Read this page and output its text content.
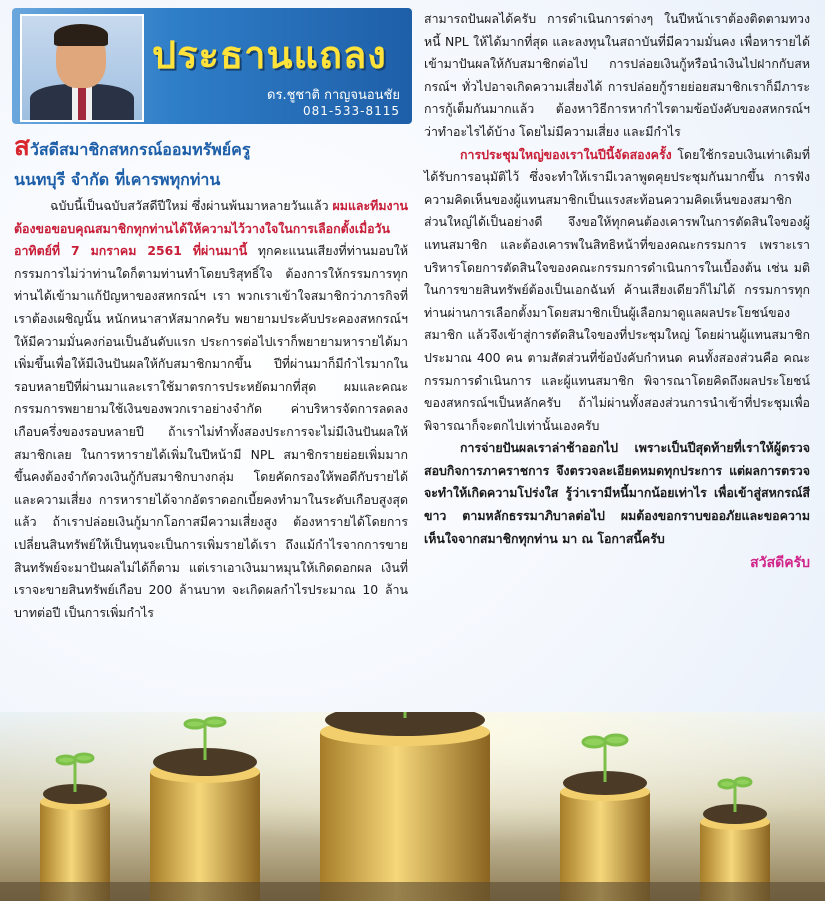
ประธานแถลง
ดร.ชูชาติ กาญจนอนชัย
081-533-8115
สวัสดีสมาชิกสหกรณ์ออมทรัพย์ครู
นนทบุรี จำกัด ที่เคารพทุกท่าน

ฉบับนี้เป็นฉบับสวัสดีปีใหม่ ซึ่งผ่านพ้นมาหลายวันแล้ว ผมและทีมงานต้องขอขอบคุณสมาชิกทุกท่านได้ให้ความไว้วางใจในการเลือกตั้งเมื่อวันอาทิตย์ที่ 7 มกราคม 2561 ที่ผ่านมานี้ ทุกคะแนนเสียงที่ท่านมอบให้กรรมการไม่ว่าท่านใดก็ตามท่านทำโดยบริสุทธิ์ใจ ต้องการให้กรรมการทุกท่านได้เข้ามาแก้ปัญหาของสหกรณ์ฯ เรา พวกเราเข้าใจสมาชิกว่าภารกิจที่เราต้องเผชิญนั้น หนักหนาสาหัสมากครับ พยายามประคับประคองสหกรณ์ฯให้มีความมั่นคงก่อนเป็นอันดับแรก ประการต่อไปเราก็พยายามหารายได้มาเพิ่มขึ้นเพื่อให้มีเงินปันผลให้กับสมาชิกมากขึ้น ปีที่ผ่านมาก็มีกำไรมากในรอบหลายปีที่ผ่านมาและเราใช้มาตรการประหยัดมากที่สุด ผมและคณะกรรมการพยายามใช้เงินของพวกเราอย่างจำกัด ค่าบริหารจัดการลดลงเกือบครึ่งของรอบหลายปี ถ้าเราไม่ทำทั้งสองประการจะไม่มีเงินปันผลให้สมาชิกเลย ในการหารายได้เพิ่มในปีหน้ามี NPL สมาชิกรายย่อยเพิ่มมากขึ้นคงต้องจำกัดวงเงินกู้กับสมาชิกบางกลุ่ม โดยคัดกรองให้พอดีกับรายได้และความเสี่ยง การหารายได้จากอัตราดอกเบี้ยคงทำมาในระดับเกือบสูงสุดแล้ว ถ้าเราปล่อยเงินกู้มากโอกาสมีความเสี่ยงสูง ต้องหารายได้โดยการเปลี่ยนสินทรัพย์ให้เป็นทุนจะเป็นการเพิ่มรายได้เรา ถึงแม้กำไรจากการขายสินทรัพย์จะมาปันผลไม่ได้ก็ตาม แต่เราเอาเงินมาหมุนให้เกิดดอกผล เงินที่เราจะขายสินทรัพย์เกือบ 200 ล้านบาท จะเกิดผลกำไรประมาณ 10 ล้านบาทต่อปี เป็นการเพิ่มกำไร

สามารถปันผลได้ครับ การดำเนินการต่างๆ ในปีหน้าเราต้องติดตามทวงหนี้ NPL ให้ได้มากที่สุด และลงทุนในสถาบันที่มีความมั่นคง เพื่อหารายได้เข้ามาปันผลให้กับสมาชิกต่อไป การปล่อยเงินกู้หรือนำเงินไปฝากกับสหกรณ์ฯ ทั่วไปอาจเกิดความเสี่ยงได้ การปล่อยกู้รายย่อยสมาชิกเราก็มีภาระการกู้เต็มกันมากแล้ว ต้องหาวิธีการหากำไรตามข้อบังคับของสหกรณ์ฯ ว่าทำอะไรได้บ้าง โดยไม่มีความเสี่ยง และมีกำไร

การประชุมใหญ่ของเราในปีนี้จัดสองครั้ง โดยใช้กรอบเงินเท่าเดิมที่ได้รับการอนุมัติไว้ ซึ่งจะทำให้เรามีเวลาพูดคุยประชุมกันมากขึ้น การฟังความคิดเห็นของผู้แทนสมาชิกเป็นแรงสะท้อนความคิดเห็นของสมาชิกส่วนใหญ่ได้เป็นอย่างดี จึงขอให้ทุกคนต้องเคารพในการตัดสินใจของผู้แทนสมาชิก และต้องเคารพในสิทธิหน้าที่ของคณะกรรมการ เพราะเราบริหารโดยการตัดสินใจของคณะกรรมการดำเนินการในเบื้องต้น เช่น มติในการขายสินทรัพย์ต้องเป็นเอกฉันท์ ค้านเสียงเดียวก็ไม่ได้ กรรมการทุกท่านผ่านการเลือกตั้งมาโดยสมาชิกเป็นผู้เลือกมาดูแลผลประโยชน์ของสมาชิก แล้วจึงเข้าสู่การตัดสินใจของที่ประชุมใหญ่ โดยผ่านผู้แทนสมาชิกประมาณ 400 คน ตามสัดส่วนที่ข้อบังคับกำหนด คนทั้งสองส่วนคือ คณะกรรมการดำเนินการ และผู้แทนสมาชิก พิจารณาโดยคิดถึงผลประโยชน์ของสหกรณ์ฯเป็นหลักครับ ถ้าไม่ผ่านทั้งสองส่วนการนำเข้าที่ประชุมเพื่อพิจารณาก็จะตกไปเท่านั้นเองครับ

การจ่ายปันผลเราล่าช้าออกไป เพราะเป็นปีสุดท้ายที่เราให้ผู้ตรวจสอบกิจการภาคราชการ จึงตรวจละเอียดหมดทุกประการ แต่ผลการตรวจจะทำให้เกิดความโปร่งใส รู้ว่าเรามีหนี้มากน้อยเท่าไร เพื่อเข้าสู่สหกรณ์สีขาว ตามหลักธรรมาภิบาลต่อไป ผมต้องขอกราบขออภัยและขอความเห็นใจจากสมาชิกทุกท่าน มา ณ โอกาสนี้ครับ

สวัสดีครับ
